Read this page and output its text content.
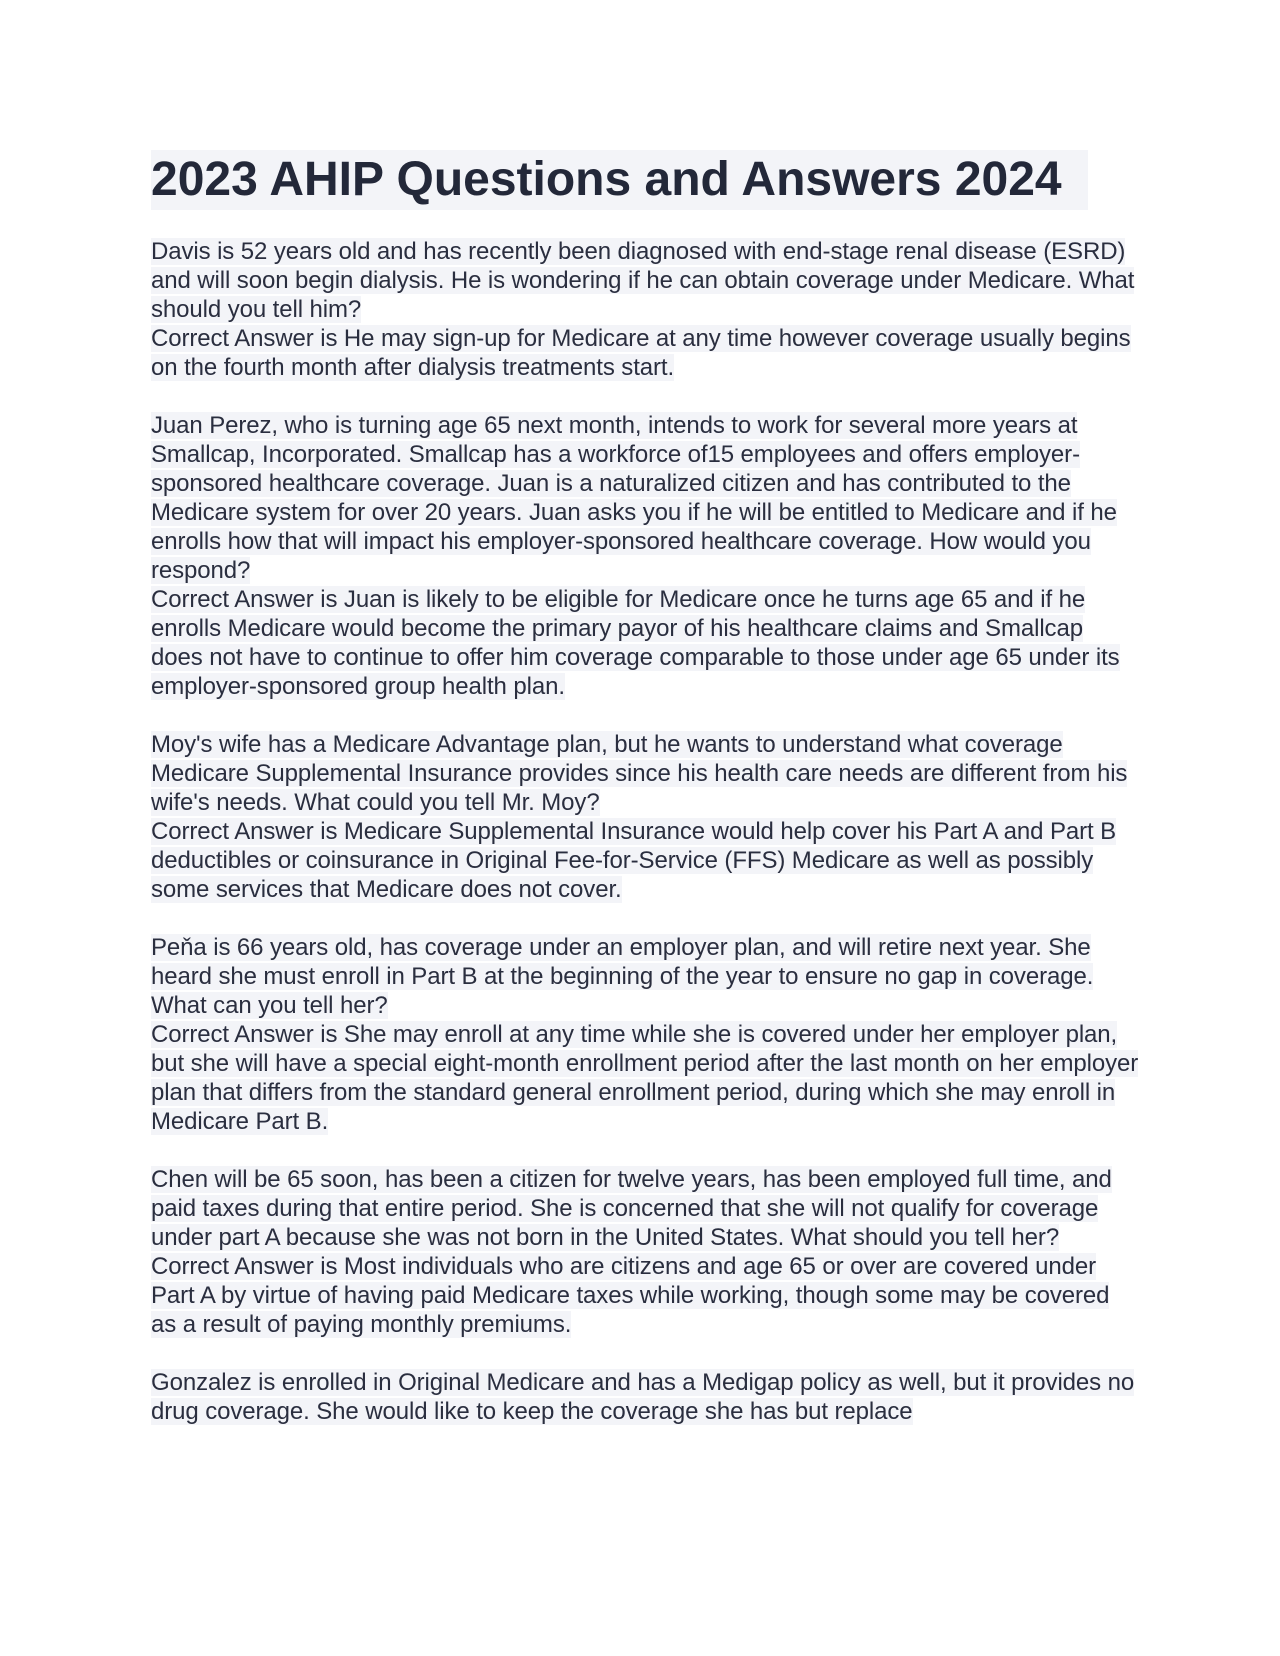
2023 AHIP Questions and Answers 2024

Davis is 52 years old and has recently been diagnosed with end-stage renal disease (ESRD) and will soon begin dialysis. He is wondering if he can obtain coverage under Medicare. What should you tell him?

Correct Answer is He may sign-up for Medicare at any time however coverage usually begins on the fourth month after dialysis treatments start.

Juan Perez, who is turning age 65 next month, intends to work for several more years at Smallcap, Incorporated. Smallcap has a workforce of15 employees and offers employer-sponsored healthcare coverage. Juan is a naturalized citizen and has contributed to the Medicare system for over 20 years. Juan asks you if he will be entitled to Medicare and if he enrolls how that will impact his employer-sponsored healthcare coverage. How would you respond?

Correct Answer is Juan is likely to be eligible for Medicare once he turns age 65 and if he enrolls Medicare would become the primary payor of his healthcare claims and Smallcap does not have to continue to offer him coverage comparable to those under age 65 under its employer-sponsored group health plan.

Moy's wife has a Medicare Advantage plan, but he wants to understand what coverage Medicare Supplemental Insurance provides since his health care needs are different from his wife's needs. What could you tell Mr. Moy?

Correct Answer is Medicare Supplemental Insurance would help cover his Part A and Part B deductibles or coinsurance in Original Fee-for-Service (FFS) Medicare as well as possibly some services that Medicare does not cover.

Peňa is 66 years old, has coverage under an employer plan, and will retire next year. She heard she must enroll in Part B at the beginning of the year to ensure no gap in coverage. What can you tell her?

Correct Answer is She may enroll at any time while she is covered under her employer plan, but she will have a special eight-month enrollment period after the last month on her employer plan that differs from the standard general enrollment period, during which she may enroll in Medicare Part B.

Chen will be 65 soon, has been a citizen for twelve years, has been employed full time, and paid taxes during that entire period. She is concerned that she will not qualify for coverage under part A because she was not born in the United States. What should you tell her?

Correct Answer is Most individuals who are citizens and age 65 or over are covered under Part A by virtue of having paid Medicare taxes while working, though some may be covered as a result of paying monthly premiums.

Gonzalez is enrolled in Original Medicare and has a Medigap policy as well, but it provides no drug coverage. She would like to keep the coverage she has but replace
